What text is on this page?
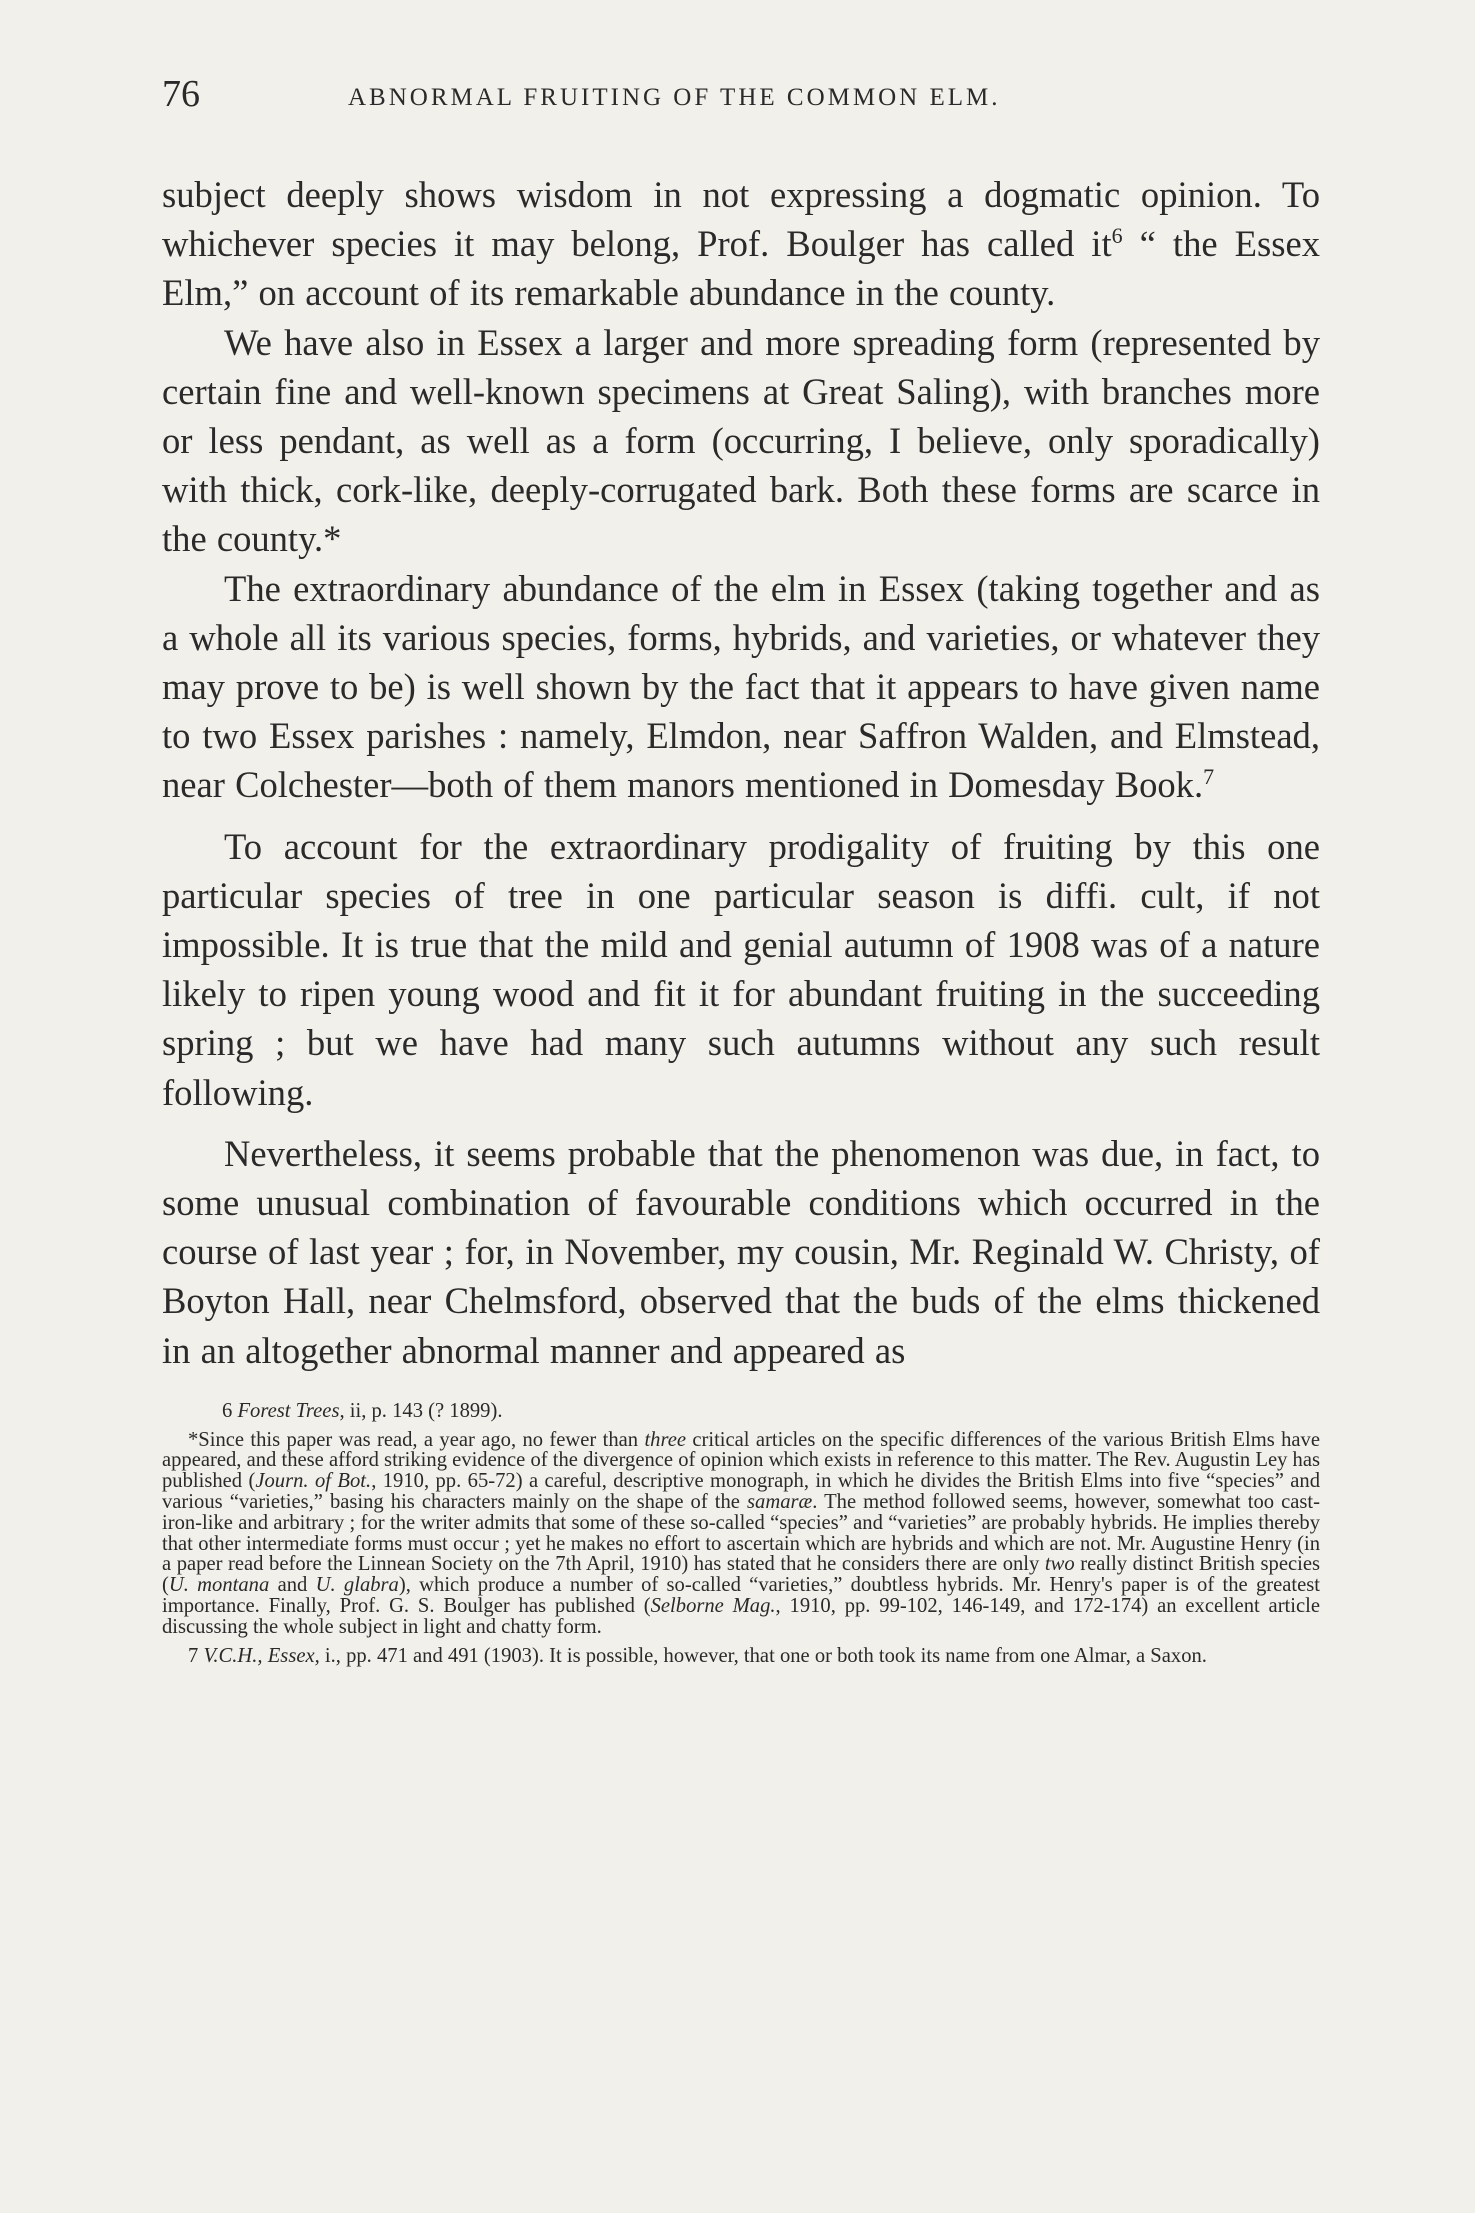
76	ABNORMAL FRUITING OF THE COMMON ELM.

subject deeply shows wisdom in not expressing a dogmatic opinion. To whichever species it may belong, Prof. Boulger has called $it^6$ “ the Essex Elm,” on account of its remarkable abundance in the county.

We have also in Essex a larger and more spreading form (represented by certain fine and well-known specimens at Great Saling), with branches more or less pendant, as well as a form (occurring, I believe, only sporadically) with thick, cork-like, deeply-corrugated bark. Both these forms are scarce in the county.*

The extraordinary abundance of the elm in Essex (taking together and as a whole all its various species, forms, hybrids, and varieties, or whatever they may prove to be) is well shown by the fact that it appears to have given name to two Essex parishes : namely, Elmdon, near Saffron Walden, and Elmstead, near Colchester—both of them manors mentioned in Domesday Book.$^7$

To account for the extraordinary prodigality of fruiting by this one particular species of tree in one particular season is diffi. cult, if not impossible. It is true that the mild and genial autumn of 1908 was of a nature likely to ripen young wood and fit it for abundant fruiting in the succeeding spring ; but we have had many such autumns without any such result following.

Nevertheless, it seems probable that the phenomenon was due, in fact, to some unusual combination of favourable conditions which occurred in the course of last year ; for, in November, my cousin, Mr. Reginald W. Christy, of Boyton Hall, near Chelmsford, observed that the buds of the elms thickened in an altogether abnormal manner and appeared as

6 Forest Trees, ii, p. 143 (? 1899).

*Since this paper was read, a year ago, no fewer than three critical articles on the specific differences of the various British Elms have appeared, and these afford striking evidence of the divergence of opinion which exists in reference to this matter. The Rev. Augustin Ley has published (Journ. of Bot., 1910, pp. 65-72) a careful, descriptive monograph, in which he divides the British Elms into five “species” and various “varieties,” basing his characters mainly on the shape of the samaræ. The method followed seems, however, somewhat too cast-iron-like and arbitrary ; for the writer admits that some of these so-called “species” and “varieties” are probably hybrids. He implies thereby that other intermediate forms must occur ; yet he makes no effort to ascertain which are hybrids and which are not. Mr. Augustine Henry (in a paper read before the Linnean Society on the 7th April, 1910) has stated that he considers there are only two really distinct British species (U. montana and U. glabra), which produce a number of so-called “varieties,” doubtless hybrids. Mr. Henry's paper is of the greatest importance. Finally, Prof. G. S. Boulger has published (Selborne Mag., 1910, pp. 99-102, 146-149, and 172-174) an excellent article discussing the whole subject in light and chatty form.

7 V.C.H., Essex, i., pp. 471 and 491 (1903). It is possible, however, that one or both took its name from one Almar, a Saxon.
